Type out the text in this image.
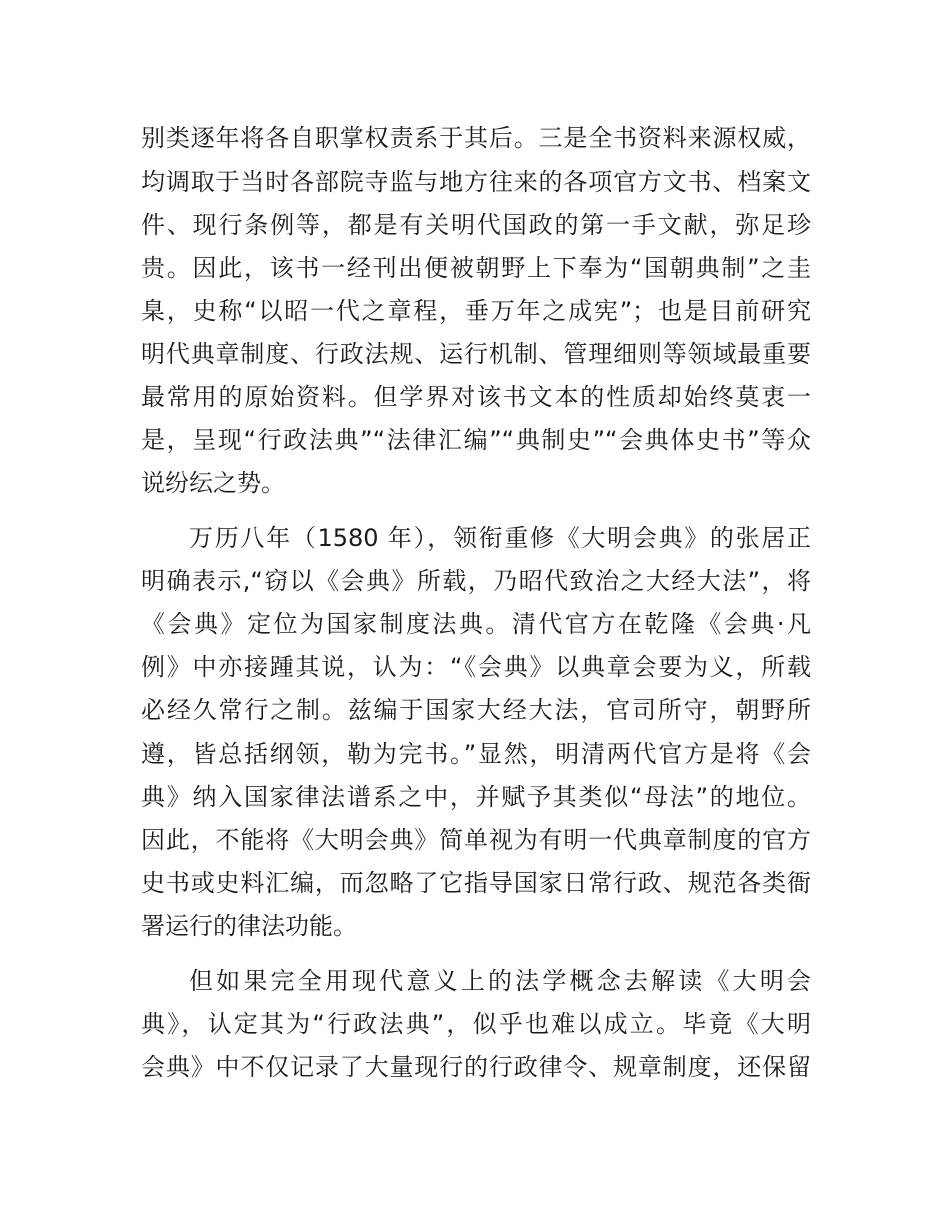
别类逐年将各自职掌权责系于其后。三是全书资料来源权威，
均调取于当时各部院寺监与地方往来的各项官方文书、档案文
件、现行条例等，都是有关明代国政的第一手文献，弥足珍
贵。因此，该书一经刊出便被朝野上下奉为“国朝典制”之圭
臬，史称“以昭一代之章程，垂万年之成宪”；也是目前研究
明代典章制度、行政法规、运行机制、管理细则等领域最重要
最常用的原始资料。但学界对该书文本的性质却始终莫衷一
是，呈现“行政法典”“法律汇编”“典制史”“会典体史书”等众
说纷纭之势。
万历八年（1580 年），领衔重修《大明会典》的张居正
明确表示,“窃以《会典》所载，乃昭代致治之大经大法”，将
《会典》定位为国家制度法典。清代官方在乾隆《会典·凡
例》中亦接踵其说，认为：“《会典》以典章会要为义，所载
必经久常行之制。兹编于国家大经大法，官司所守，朝野所
遵，皆总括纲领，勒为完书。”显然，明清两代官方是将《会
典》纳入国家律法谱系之中，并赋予其类似“母法”的地位。
因此，不能将《大明会典》简单视为有明一代典章制度的官方
史书或史料汇编，而忽略了它指导国家日常行政、规范各类衙
署运行的律法功能。
但如果完全用现代意义上的法学概念去解读《大明会
典》，认定其为“行政法典”，似乎也难以成立。毕竟《大明
会典》中不仅记录了大量现行的行政律令、规章制度，还保留
